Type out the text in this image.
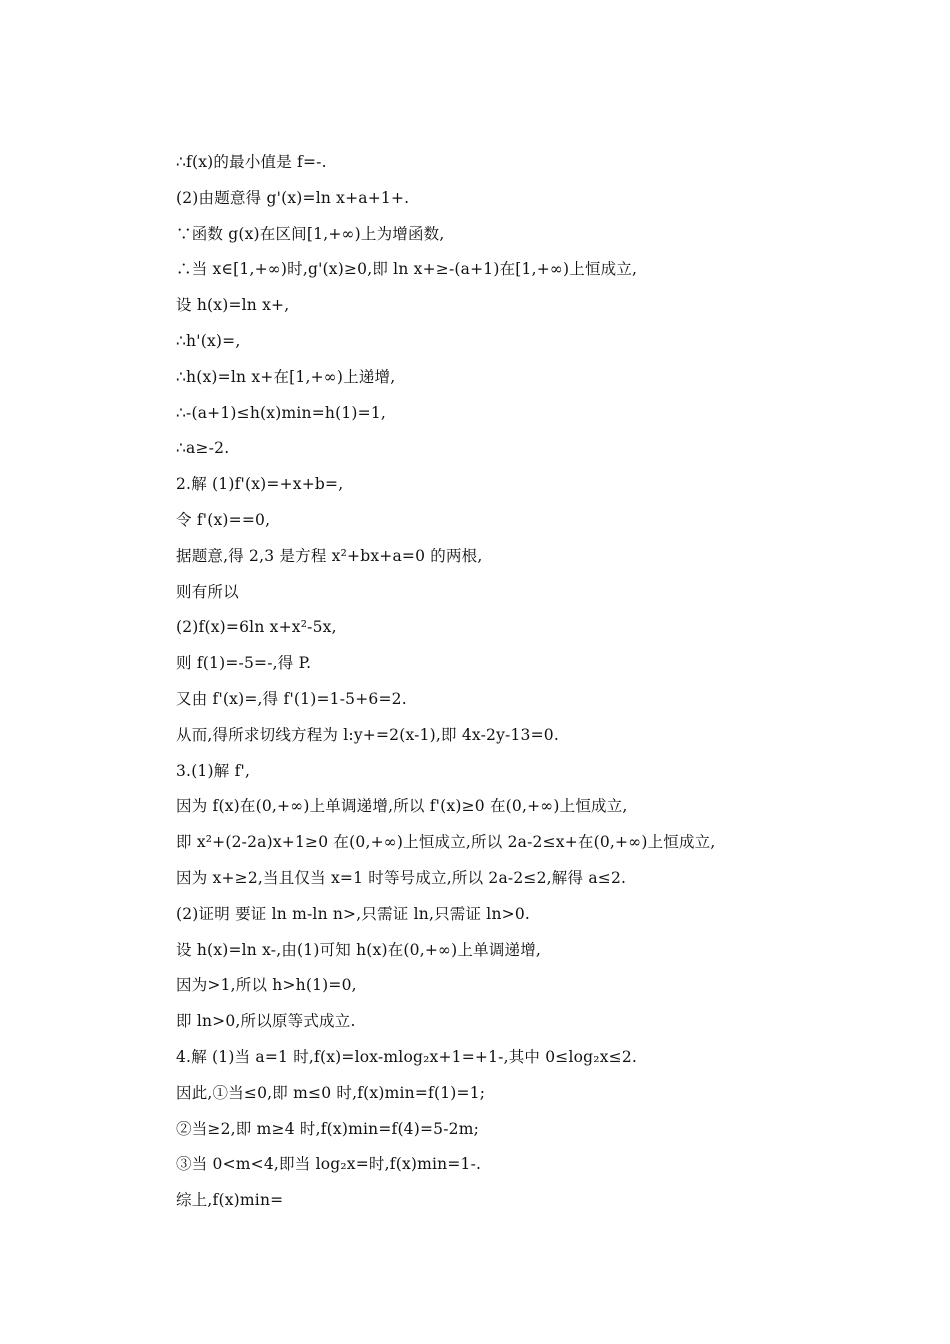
∴f(x)的最小值是 f=-.
(2)由题意得 g'(x)=ln x+a+1+.
∵函数 g(x)在区间[1,+∞)上为增函数,
∴当 x∈[1,+∞)时,g'(x)≥0,即 ln x+≥-(a+1)在[1,+∞)上恒成立,
设 h(x)=ln x+,
∴h'(x)=,
∴h(x)=ln x+在[1,+∞)上递增,
∴-(a+1)≤h(x)min=h(1)=1,
∴a≥-2.
2.解 (1)f'(x)=+x+b=,
令 f'(x)==0,
据题意,得 2,3 是方程 x²+bx+a=0 的两根,
则有所以
(2)f(x)=6ln x+x²-5x,
则 f(1)=-5=-,得 P.
又由 f'(x)=,得 f'(1)=1-5+6=2.
从而,得所求切线方程为 l:y+=2(x-1),即 4x-2y-13=0.
3.(1)解 f',
因为 f(x)在(0,+∞)上单调递增,所以 f'(x)≥0 在(0,+∞)上恒成立,
即 x²+(2-2a)x+1≥0 在(0,+∞)上恒成立,所以 2a-2≤x+在(0,+∞)上恒成立,
因为 x+≥2,当且仅当 x=1 时等号成立,所以 2a-2≤2,解得 a≤2.
(2)证明 要证 ln m-ln n>,只需证 ln,只需证 ln>0.
设 h(x)=ln x-,由(1)可知 h(x)在(0,+∞)上单调递增,
因为>1,所以 h>h(1)=0,
即 ln>0,所以原等式成立.
4.解 (1)当 a=1 时,f(x)=lox-mlog₂x+1=+1-,其中 0≤log₂x≤2.
因此,①当≤0,即 m≤0 时,f(x)min=f(1)=1;
②当≥2,即 m≥4 时,f(x)min=f(4)=5-2m;
③当 0<m<4,即当 log₂x=时,f(x)min=1-.
综上,f(x)min=
